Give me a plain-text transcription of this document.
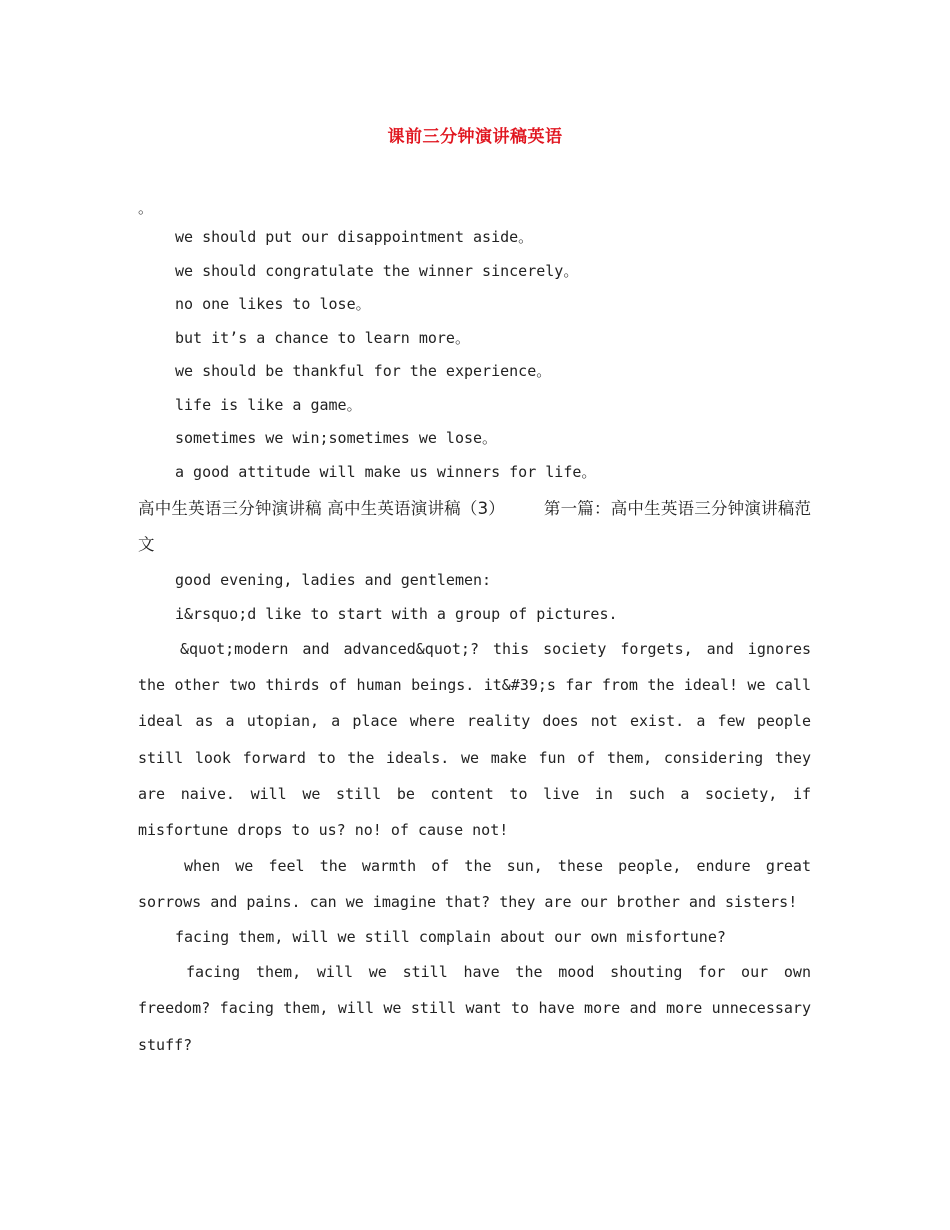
课前三分钟演讲稿英语
。
we should put our disappointment aside。
we should congratulate the winner sincerely。
no one likes to lose。
but it’s a chance to learn more。
we should be thankful for the experience。
life is like a game。
sometimes we win;sometimes we lose。
a good attitude will make us winners for life。
高中生英语三分钟演讲稿 高中生英语演讲稿（3） 　　第一篇：高中生英语三分钟演讲稿范文
good evening, ladies and gentlemen:
i&rsquo;d like to start with a group of pictures.
&quot;modern and advanced&quot;? this society forgets, and ignores the other two thirds of human beings. it&#39;s far from the ideal! we call ideal as a utopian, a place where reality does not exist. a few people still look forward to the ideals. we make fun of them, considering they are naive. will we still be content to live in such a society, if misfortune drops to us? no! of cause not!
when we feel the warmth of the sun, these people, endure great sorrows and pains. can we imagine that? they are our brother and sisters!
facing them, will we still complain about our own misfortune?
facing them, will we still have the mood shouting for our own freedom? facing them, will we still want to have more and more unnecessary stuff?
